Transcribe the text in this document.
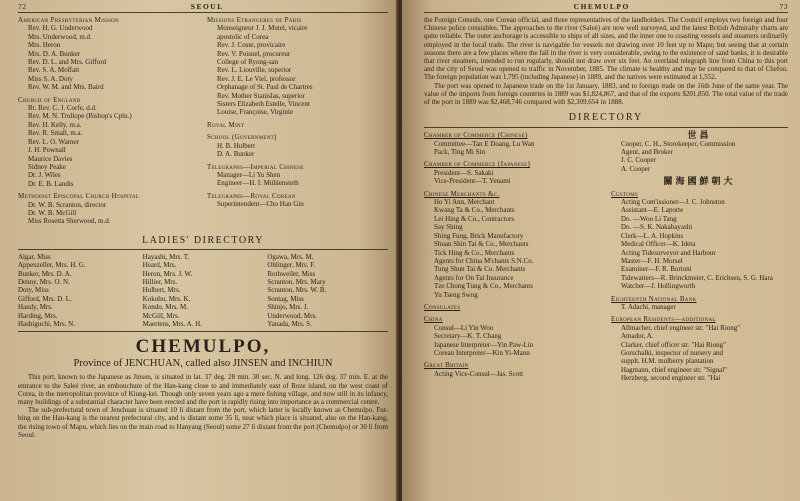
72	SEOUL
American Presbyterian Mission
Rev. H. G. Underwood
Mrs. Underwood, m.d.
Mrs. Heron
Mrs. D. A. Bunker
Rev. D. L. and Mrs. Gifford
Rev. S. A. Moffatt
Miss S. A. Doty
Rev. W. M. and Mrs. Baird
Church of England
Rt. Rev. C. J. Corfe, d.d.
Rev. M. N. Trollope (Bishop's Cpln.)
Rev. H. Kelly, m.a.
Rev. R. Small, m.a.
Rev. L. O. Warner
J. H. Pownall
Maurice Davies
Sidney Peake
Dr. J. Wiles
Dr. E. B. Landis
Methodist Episcopal Church Hospital
Dr. W. B. Scranton, director
Dr. W. B. McGill
Miss Rosetta Sherwood, m.d.
Missions Etrangeres de Paris
Monseigneur J. J. Mutel, vicaire
apostolic of Corea
Rev. J. Coste, provicaire
Rev. V. Poisnel, procureur
College of Ryong-san
Rev. L. Liouville, superior
Rev. J. E. Le Viel, professor
Orphanage of St. Paul de Chartres
Rev. Mother Stanislas, superior
Sisters Elizabeth Estelle, Vincent
Louise, Françoise, Virginie
Royal Mint
School (Government)
H. B. Hulbert
D. A. Bunker
Telegraphs—Imperial Chinese
Manager—Li Yu Shen
Engineer—H. I. Mühlensteth
Telegraphs—Royal Corean
Superintendent—Cho Han Gin
LADIES' DIRECTORY
Algar, Miss
Appenzeller, Mrs. H. G.
Bunker, Mrs. D. A.
Denny, Mrs. O. N.
Doty, Miss
Gifford, Mrs. D. L.
Handy, Mrs.
Harding, Mrs.
Hashiguchi, Mrs. N.
Hayashi, Mrs. T.
Heard, Mrs.
Heron, Mrs. J. W.
Hillier, Mrs.
Hulbert, Mrs.
Kokubu, Mrs. K.
Kondo, Mrs. M.
McGill, Mrs.
Maertens, Mrs. A. H.
Ogawa, Mrs. M.
Ohlinger, Mrs. F.
Rothweiler, Miss
Scranton, Mrs. Mary
Scranton, Mrs. W. B.
Sontag, Miss
Shinjo, Mrs. J.
Underwood, Mrs.
Yanada, Mrs. S.
CHEMULPO,
Province of JENCHUAN, called also JINSEN and INCHIUN

This port, known to the Japanese as Jinsen, is situated in lat. 37 deg. 28 min. 30 sec. N. and long. 126 deg. 37 min. E. at the entrance to the Saleé river, an embouchure of the Han-kang close to and immediately east of Roze island, on the west coast of Corea, in the metropolitan province of Kiung-kei. Though only seven years ago a mere fishing village, and now still in its infancy, many buildings of a substantial character have been erected and the port is rapidly rising into importance as a commercial centre.

The sub-prefectural town of Jenchuan is situated 10 li distant from the port, which latter is locally known as Chemulpo. Fut-bing on the Han-kang is the nearest prefectural city, and is distant some 35 li, near which place is situated, also on the Han-kang, the rising town of Mapu, which lies on the main road to Hanyang (Seoul) some 27 li distant from the port (Chemulpo) or 30 li from Seoul.

CHEMULPO	73

the Foreign Consuls, one Corean official, and three representatives of the landholders. The Council employs two foreign and four Chinese police constables. The approaches to the river (Saleé) are now well surveyed, and the latest British Admiralty charts are quite reliable. The outer anchorage is accessible to ships of all sizes, and the inner one to coasting vessels and steamers ordinarily employed in the local trade. The river is navigable for vessels not drawing over 10 feet up to Mapu; but seeing that at certain seasons there are a few places where the fall in the river is very considerable, owing to the existence of sand banks, it is desirable that river steamers, intended to run regularly, should not draw over six feet. An overland telegraph line from China to this port and the city of Seoul was opened to traffic in November, 1885. The climate is healthy and may be compared to that of Chefoo. The foreign population was 1,795 (including Japanese) in 1889, and the natives were estimated at 1,552.

The port was opened to Japanese trade on the 1st January, 1883, and to foreign trade on the 16th June of the same year. The value of the imports from foreign countries in 1889 was $1,824,867, and that of the exports $201,850. The total value of the trade of the port in 1889 was $2,468,746 compared with $2,309,654 in 1888.

DIRECTORY
Chamber of Commerce (Chinese)
Committee—Tan E Doang, Lu Wan
Pack, Ting Mi Sin
Chamber of Commerce (Japanese)
President—S. Sakaki
Vice-President—T. Yenami
Chinese Merchants &c.
Ho Yi Ann, Merchant
Kwang Ta & Co., Merchants
Lei Hing & Co., Contractors
Say Shing
Shing Fung, Brick Manufactory
Shuan Shin Tai & Co., Merchants
Tick Hing & Co., Merchants
Agents for China M'chants S.N.Co.
Tung Shun Tai & Co. Merchants
Agents for On Tai Insurance
Tze Chong Tung & Co., Merchants
Yu Tseng Swng
Consulates
China
Consul—Li Yin Woo
Secretary—K. T. Chang
Japanese Interpreter—Yin Paw-Lin
Corean Interpreter—Kin Yi-Mann
Great Britain
Acting Vice-Consul—Jas. Scott
世昌
Cooper, C. H., Storekeeper, Commission
Agent, and Broker
J. C. Cooper
A. Cooper
關海國鮮朝大
Customs
Acting Com'issioner—J. C. Johnston
Assistant—E. Laporte
Do. —Woo Li Tang
Do. —S. K. Nakabayashi
Clerk—L. A. Hopkins
Medical Officer—K. Ideta
Acting Tidesurveyor and Harbour
Master—F. H. Morsel
Examiner—F. R. Borioni
Tidewaiters—R. Brinckmeier, C. Erichsen, S. G. Hara
Watcher—J. Hollingworth
Eighteenth National Bank
T. Adachi, manager
European Residents—additional
Allmacher, chief engineer str. "Hai Riong"
Amador, A.
Clarker, chief officer str. "Hai Riong"
Gorschalki, inspector of nursery and
supplt. H.M. mulberry plantation
Hagmann, chief engineer str. "Signal"
Herzberg, second engineer str. "Hai
